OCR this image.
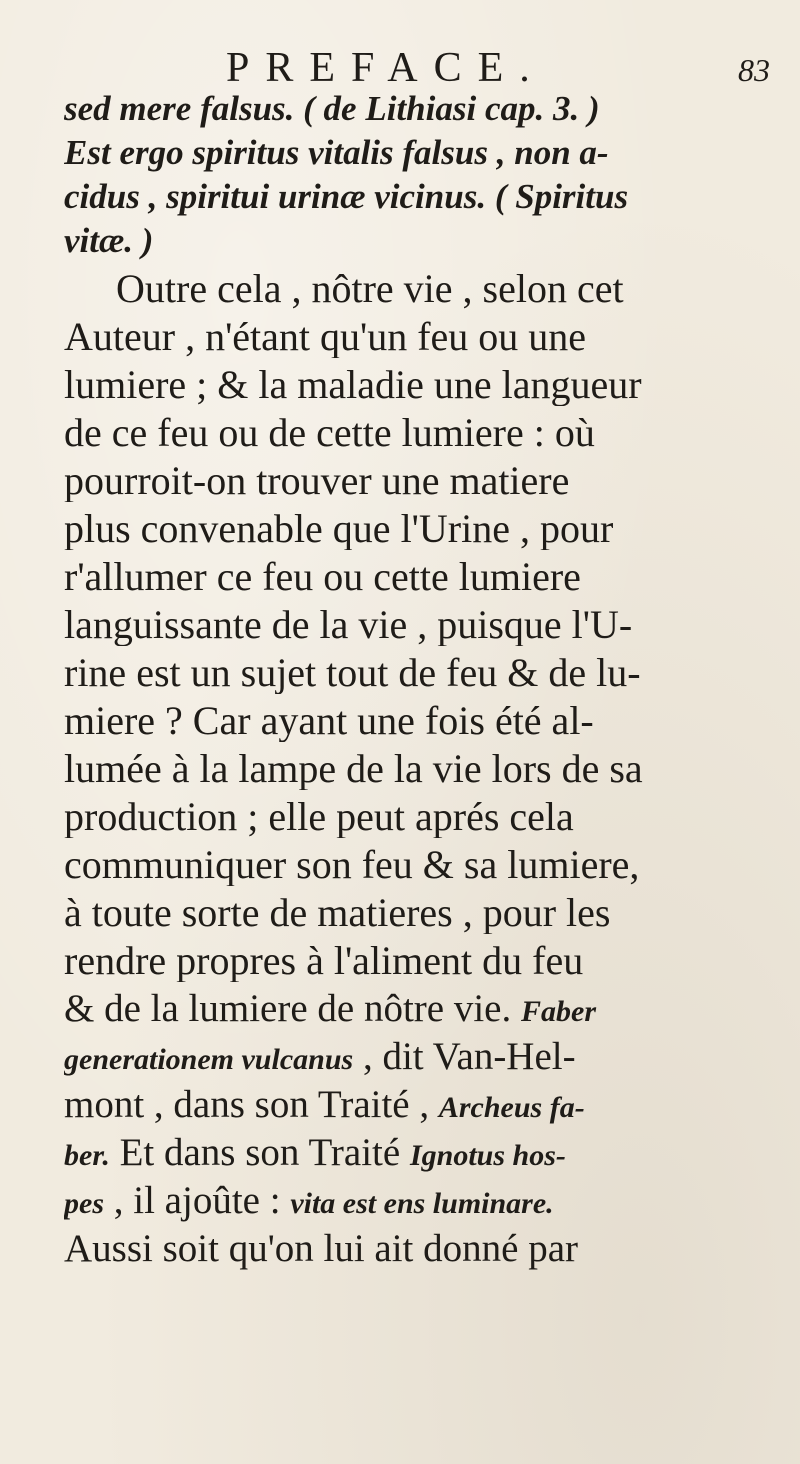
PREFACE.	83
sed mere falsus. ( de Lithiasi cap. 3. )
Est ergo spiritus vitalis falsus , non a-
cidus , spiritui urinæ vicinus. ( Spiritus
vitæ. )
Outre cela , nôtre vie , selon cet
Auteur , n'étant qu'un feu ou une
lumiere ; & la maladie une langueur
de ce feu ou de cette lumiere : où
pourroit-on trouver une matiere
plus convenable que l'Urine , pour
r'allumer ce feu ou cette lumiere
languissante de la vie , puisque l'U-
rine est un sujet tout de feu & de lu-
miere ? Car ayant une fois été al-
lumée à la lampe de la vie lors de sa
production ; elle peut aprés cela
communiquer son feu & sa lumiere,
à toute sorte de matieres , pour les
rendre propres à l'aliment du feu
& de la lumiere de nôtre vie. Faber
generationem vulcanus , dit Van-Hel-
mont , dans son Traité , Archeus fa-
ber. Et dans son Traité Ignotus hos-
pes , il ajoûte : vita est ens luminare.
Aussi soit qu'on lui ait donné par
